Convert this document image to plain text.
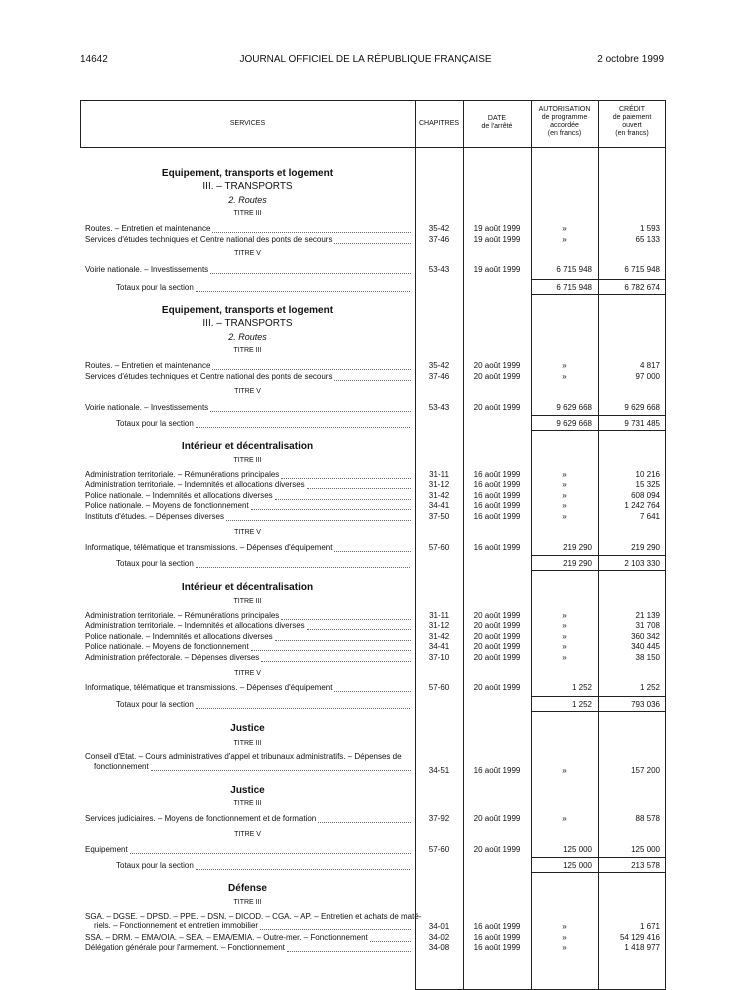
14642	JOURNAL OFFICIEL DE LA RÉPUBLIQUE FRANÇAISE	2 octobre 1999
SERVICES	CHAPITRES
DATE
de l'arrêté
AUTORISATION
de programme
accordée
(en francs)
CRÉDIT
de paiement
ouvert
(en francs)
Equipement, transports et logement
III. – TRANSPORTS
2. Routes
TITRE III
Routes. – Entretien et maintenance	35-42	19 août 1999	»	1 593
Services d'études techniques et Centre national des ponts de secours	37-46	19 août 1999	»	65 133
TITRE V
Voirie nationale. – Investissements	53-43	19 août 1999	6 715 948	6 715 948
Totaux pour la section	6 715 948	6 782 674
Equipement, transports et logement
III. – TRANSPORTS
2. Routes
TITRE III
Routes. – Entretien et maintenance	35-42	20 août 1999	»	4 817
Services d'études techniques et Centre national des ponts de secours	37-46	20 août 1999	»	97 000
TITRE V
Voirie nationale. – Investissements	53-43	20 août 1999	9 629 668	9 629 668
Totaux pour la section	9 629 668	9 731 485
Intérieur et décentralisation
TITRE III
Administration territoriale. – Rémunérations principales	31-11	16 août 1999	»	10 216
Administration territoriale. – Indemnités et allocations diverses	31-12	16 août 1999	»	15 325
Police nationale. – Indemnités et allocations diverses	31-42	16 août 1999	»	608 094
Police nationale. – Moyens de fonctionnement	34-41	16 août 1999	»	1 242 764
Instituts d'études. – Dépenses diverses	37-50	16 août 1999	»	7 641
TITRE V
Informatique, télématique et transmissions. – Dépenses d'équipement	57-60	16 août 1999	219 290	219 290
Totaux pour la section	219 290	2 103 330
Intérieur et décentralisation
TITRE III
Administration territoriale. – Rémunérations principales	31-11	20 août 1999	»	21 139
Administration territoriale. – Indemnités et allocations diverses	31-12	20 août 1999	»	31 708
Police nationale. – Indemnités et allocations diverses	31-42	20 août 1999	»	360 342
Police nationale. – Moyens de fonctionnement	34-41	20 août 1999	»	340 445
Administration préfectorale. – Dépenses diverses	37-10	20 août 1999	»	38 150
TITRE V
Informatique, télématique et transmissions. – Dépenses d'équipement	57-60	20 août 1999	1 252	1 252
Totaux pour la section	1 252	793 036
Justice
TITRE III
Conseil d'Etat. – Cours administratives d'appel et tribunaux administratifs. – Dépenses de
fonctionnement	34-51	16 août 1999	»	157 200
Justice
TITRE III
Services judiciaires. – Moyens de fonctionnement et de formation	37-92	20 août 1999	»	88 578
TITRE V
Equipement	57-60	20 août 1999	125 000	125 000
Totaux pour la section	125 000	213 578
Défense
TITRE III
SGA. – DGSE. – DPSD. – PPE. – DSN. – DICOD. – CGA. – AP. – Entretien et achats de maté-
riels. – Fonctionnement et entretien immobilier	34-01	16 août 1999	»	1 671
SSA. – DRM. – EMA/OIA. – SEA. – EMA/EMIA. – Outre-mer. – Fonctionnement	34-02	16 août 1999	»	54 129 416
Délégation générale pour l'armement. – Fonctionnement	34-08	16 août 1999	»	1 418 977
